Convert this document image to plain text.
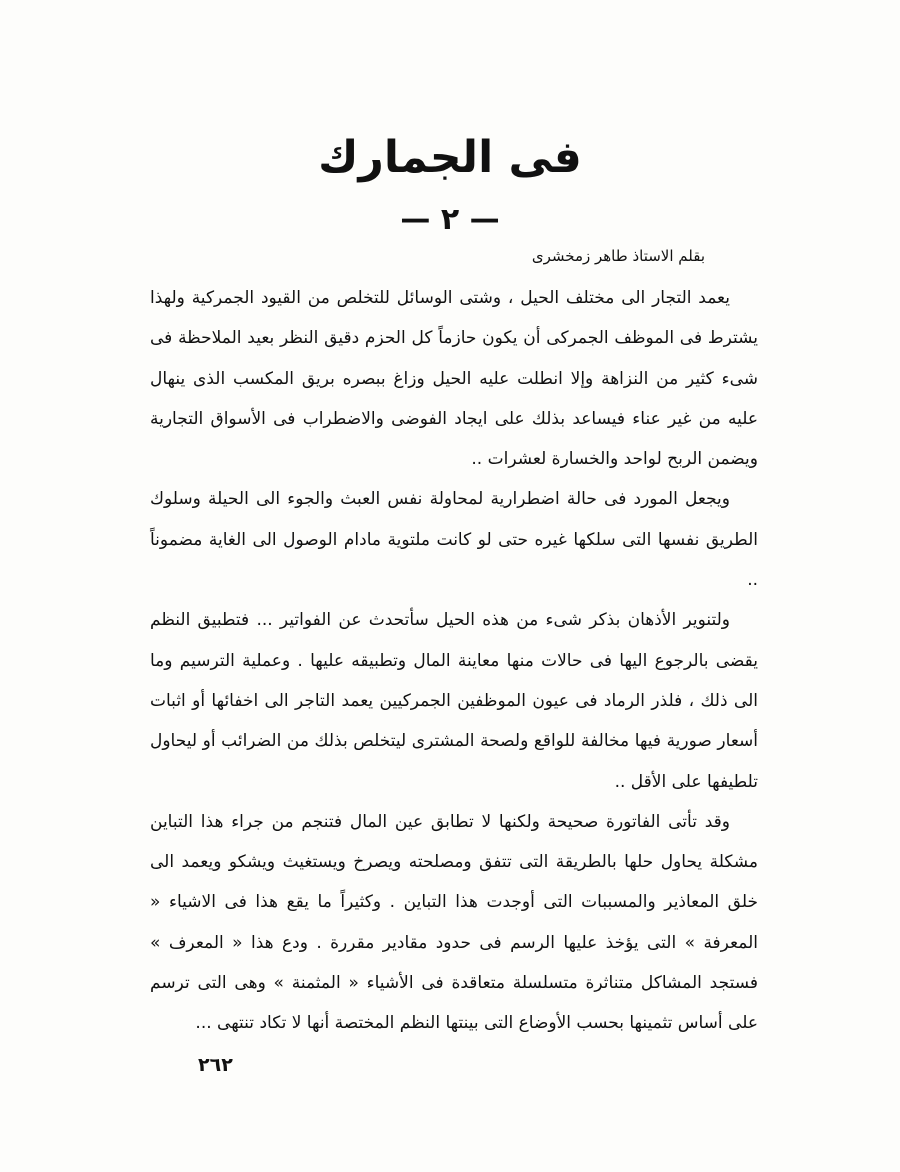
فى الجمارك
— ٢ —
بقلم الاستاذ طاهر زمخشرى

يعمد التجار الى مختلف الحيل ، وشتى الوسائل للتخلص من القيود الجمركية ولهذا يشترط فى الموظف الجمركى أن يكون حازماً كل الحزم دقيق النظر بعيد الملاحظة فى شىء كثير من النزاهة وإلا انطلت عليه الحيل وزاغ ببصره بريق المكسب الذى ينهال عليه من غير عناء فيساعد بذلك على ايجاد الفوضى والاضطراب فى الأسواق التجارية ويضمن الربح لواحد والخسارة لعشرات ..

ويجعل المورد فى حالة اضطرارية لمحاولة نفس العبث والجوء الى الحيلة وسلوك الطريق نفسها التى سلكها غيره حتى لو كانت ملتوية مادام الوصول الى الغاية مضموناً ..

ولتنوير الأذهان بذكر شىء من هذه الحيل سأتحدث عن الفواتير ... فتطبيق النظم يقضى بالرجوع اليها فى حالات منها معاينة المال وتطبيقه عليها . وعملية الترسيم وما الى ذلك ، فلذر الرماد فى عيون الموظفين الجمركيين يعمد التاجر الى اخفائها أو اثبات أسعار صورية فيها مخالفة للواقع ولصحة المشترى ليتخلص بذلك من الضرائب أو ليحاول تلطيفها على الأقل ..

وقد تأتى الفاتورة صحيحة ولكنها لا تطابق عين المال فتنجم من جراء هذا التباين مشكلة يحاول حلها بالطريقة التى تتفق ومصلحته ويصرخ ويستغيث ويشكو ويعمد الى خلق المعاذير والمسببات التى أوجدت هذا التباين . وكثيراً ما يقع هذا فى الاشياء « المعرفة » التى يؤخذ عليها الرسم فى حدود مقادير مقررة . ودع هذا « المعرف » فستجد المشاكل متناثرة متسلسلة متعاقدة فى الأشياء « المثمنة » وهى التى ترسم على أساس تثمينها بحسب الأوضاع التى بينتها النظم المختصة أنها لا تكاد تنتهى ...

٢٦٢
